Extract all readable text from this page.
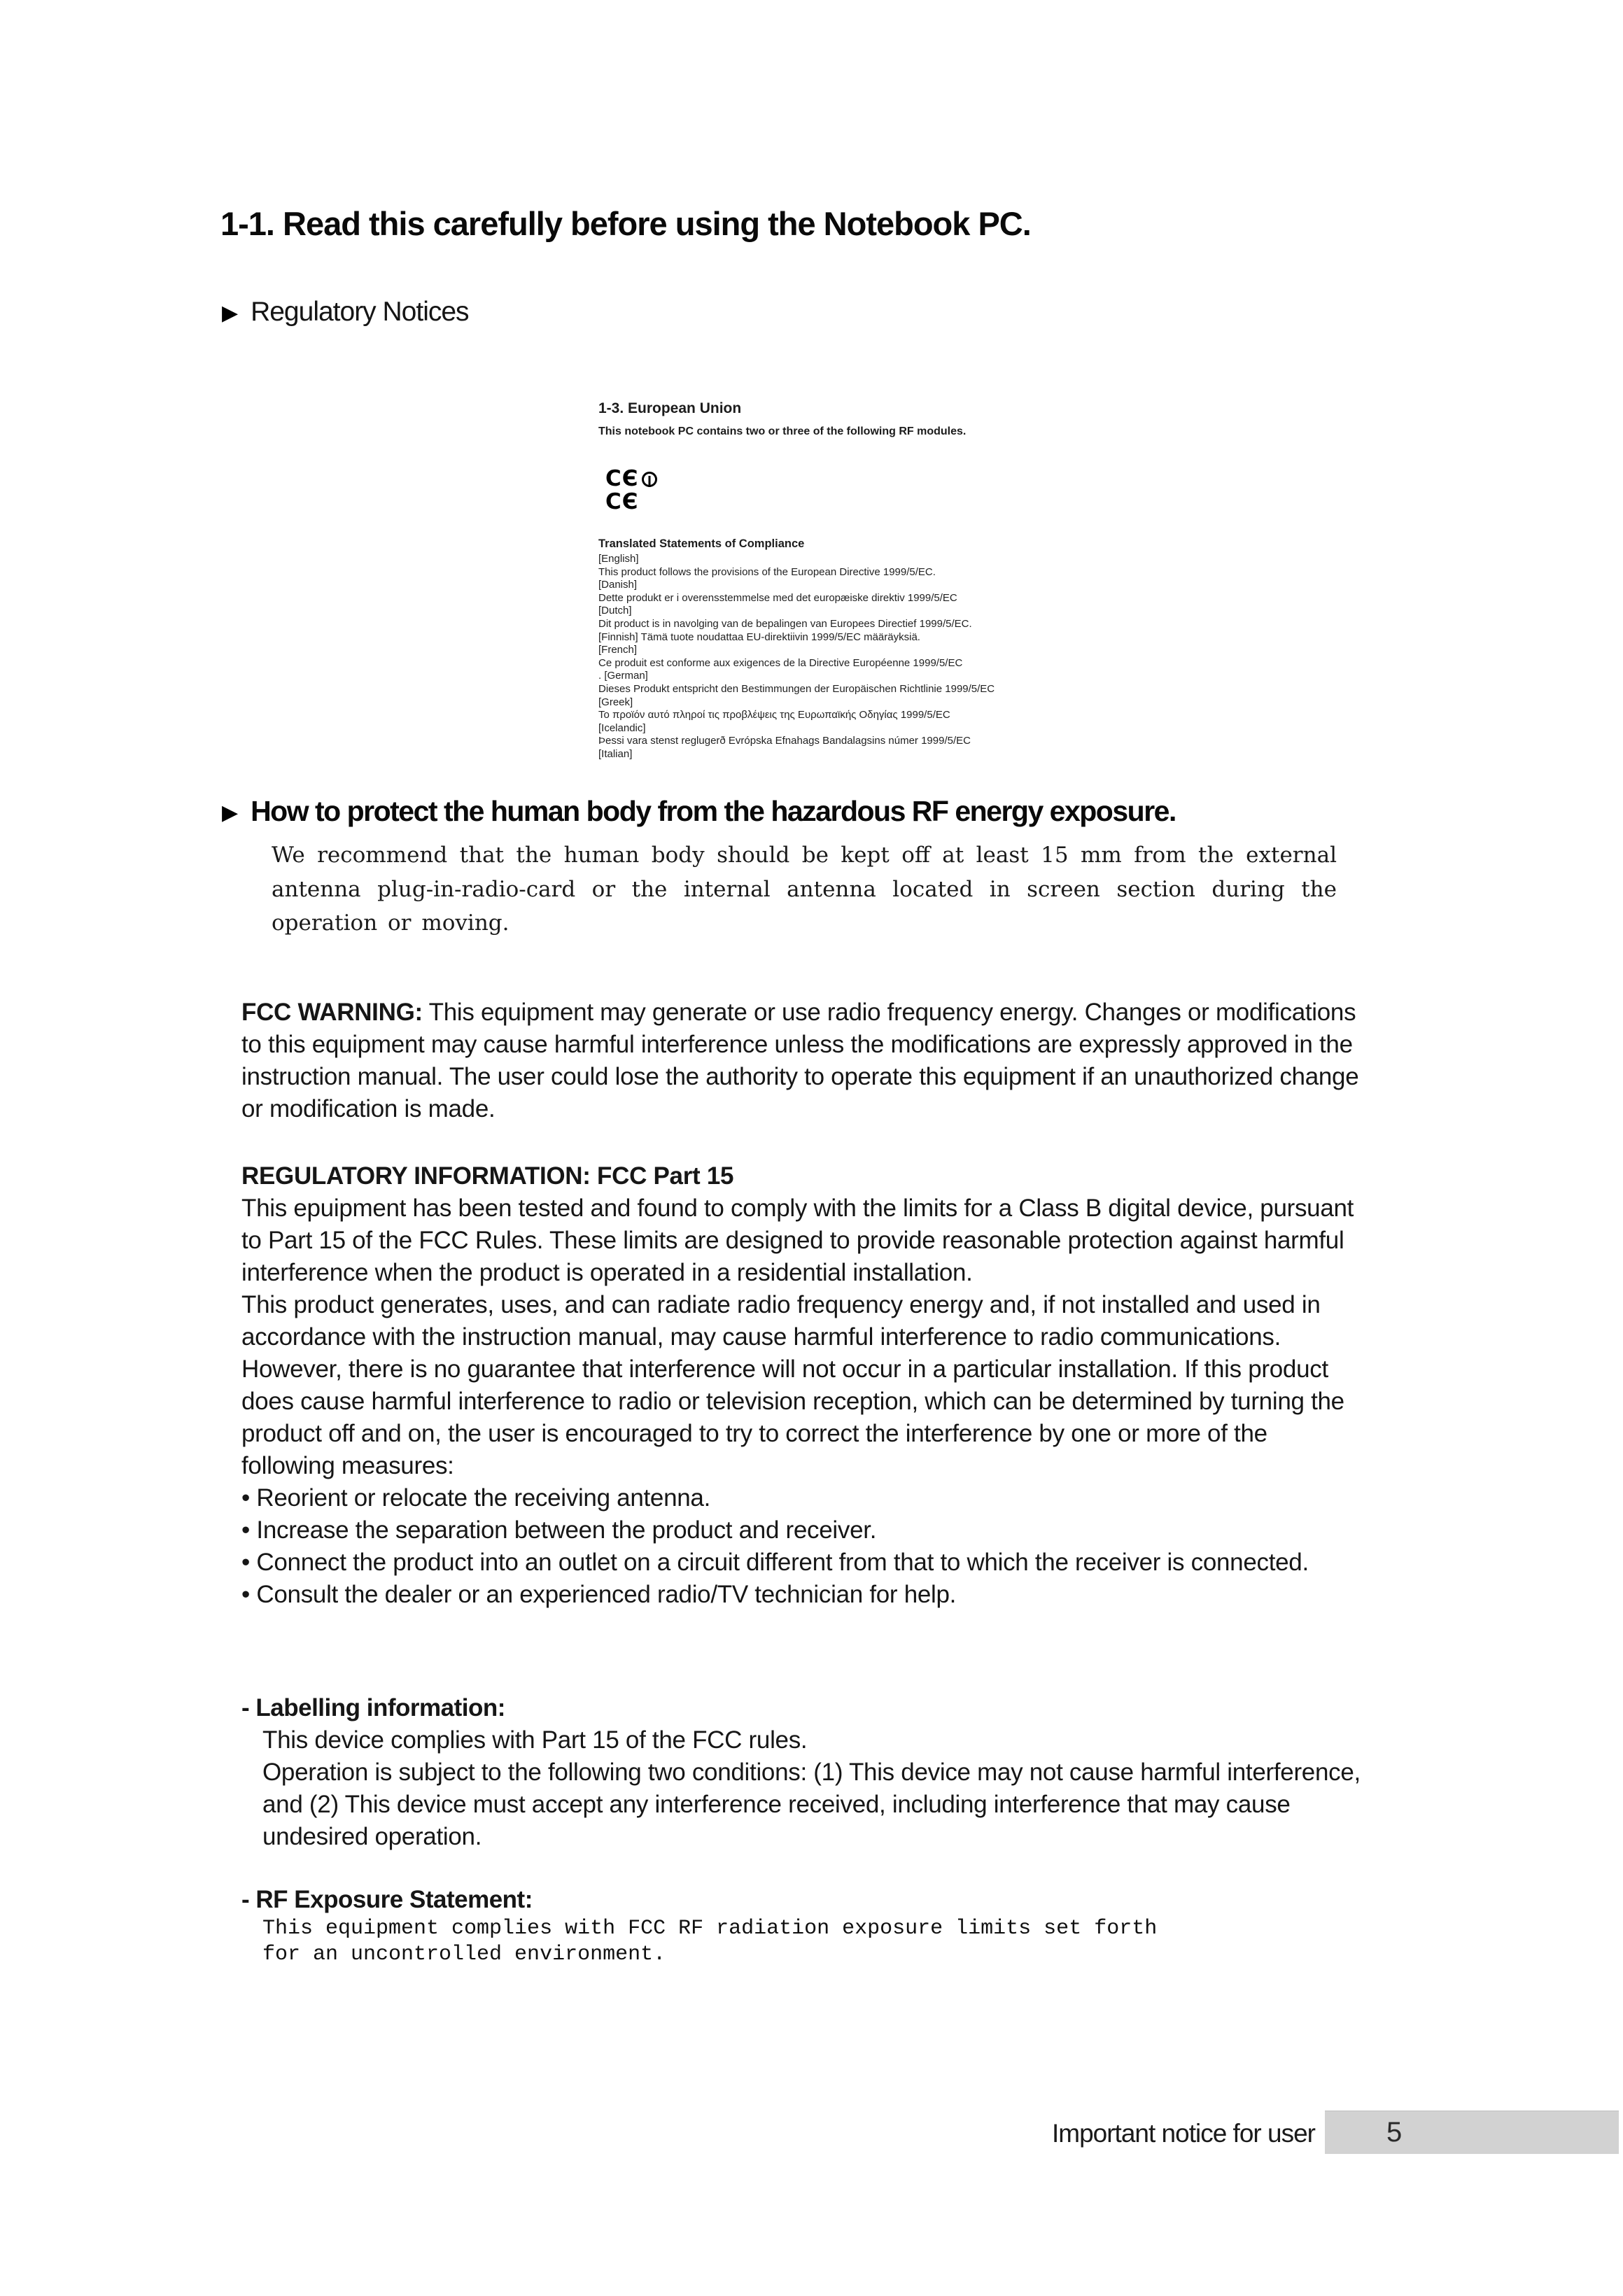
1-1. Read this carefully before using the Notebook PC.
▶ Regulatory Notices
1-3. European Union
This notebook PC contains two or three of the following RF modules.
CЄ
CЄ
Translated Statements of Compliance
[English]
This product follows the provisions of the European Directive 1999/5/EC.
[Danish]
Dette produkt er i overensstemmelse med det europæiske direktiv 1999/5/EC
[Dutch]
Dit product is in navolging van de bepalingen van Europees Directief 1999/5/EC.
[Finnish] Tämä tuote noudattaa EU-direktiivin 1999/5/EC määräyksiä.
[French]
Ce produit est conforme aux exigences de la Directive Européenne 1999/5/EC
. [German]
Dieses Produkt entspricht den Bestimmungen der Europäischen Richtlinie 1999/5/EC
[Greek]
Το προϊόν αυτό πληροί τις προβλέψεις της Ευρωπαϊκής Οδηγίας 1999/5/EC
[Icelandic]
Þessi vara stenst reglugerð Evrópska Efnahags Bandalagsins númer 1999/5/EC
[Italian]
▶ How to protect the human body from the hazardous RF energy exposure.

We recommend that the human body should be kept off at least 15 mm from the external antenna plug-in-radio-card or the internal antenna located in screen section during the operation or moving.

FCC WARNING: This equipment may generate or use radio frequency energy. Changes or modifications to this equipment may cause harmful interference unless the modifications are expressly approved in the instruction manual. The user could lose the authority to operate this equipment if an unauthorized change or modification is made.

REGULATORY INFORMATION: FCC Part 15
This epuipment has been tested and found to comply with the limits for a Class B digital device, pursuant to Part 15 of the FCC Rules. These limits are designed to provide reasonable protection against harmful interference when the product is operated in a residential installation.
This product generates, uses, and can radiate radio frequency energy and, if not installed and used in accordance with the instruction manual, may cause harmful interference to radio communications. However, there is no guarantee that interference will not occur in a particular installation. If this product does cause harmful interference to radio or television reception, which can be determined by turning the product off and on, the user is encouraged to try to correct the interference by one or more of the following measures:
• Reorient or relocate the receiving antenna.
• Increase the separation between the product and receiver.
• Connect the product into an outlet on a circuit different from that to which the receiver is connected.
• Consult the dealer or an experienced radio/TV technician for help.
- Labelling information:
This device complies with Part 15 of the FCC rules.
Operation is subject to the following two conditions: (1) This device may not cause harmful interference, and (2) This device must accept any interference received, including interference that may cause undesired operation.
- RF Exposure Statement:
This equipment complies with FCC RF radiation exposure limits set forth
for an uncontrolled environment.
Important notice for user	5
